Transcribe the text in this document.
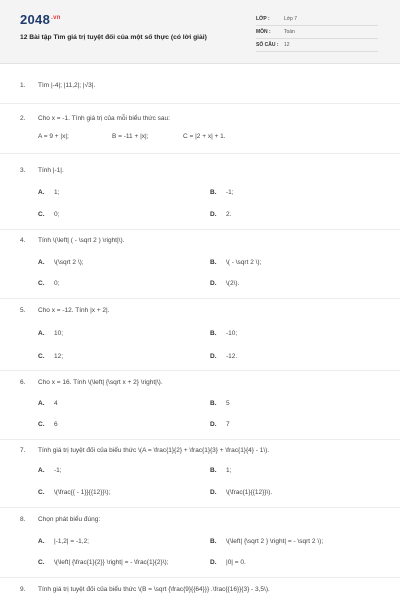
$2048^{.vn}$
12 Bài tập Tìm giá trị tuyệt đối của một số thực (có lời giải)
LỚP :	Lớp 7
MÔN :	Toán
SỐ CÂU : 12
1. Tìm |-4|; |11,2|; |√3|.
2. Cho x = -1. Tính giá trị của mỗi biểu thức sau:
A = 9 + |x|;	B = -11 + |x|;	C = |2 + x| + 1.
3. Tính |-1|.
A. 1;	B. -1;
C. 0;	D. 2.
4. Tính \(\left| ( - \sqrt 2 ) \right|\).
A. \(\sqrt 2 \);	B. \( - \sqrt 2 \);
C. 0;	D. \(2\).
5. Cho x = -12. Tính |x + 2|.
A. 10;	B. -10;
C. 12;	D. -12.
6. Cho x = 16. Tính \(\left| {\sqrt x + 2} \right|\).
A. 4	B. 5
C. 6	D. 7
7. Tính giá trị tuyệt đối của biểu thức \(A = \frac{1}{2} + \frac{1}{3} + \frac{1}{4} - 1\).
A. -1;	B. 1;
C. \(\frac{{ - 1}}{{12}}\);	D. \(\frac{1}{{12}}\).
8. Chọn phát biểu đúng:
A. |-1,2| = -1,2;	B. \(\left| {\sqrt 2 } \right| = - \sqrt 2 \);
C. \(\left| {\frac{1}{2}} \right| = - \frac{1}{2}\);	D. |0| = 0.
9. Tính giá trị tuyệt đối của biểu thức \(B = \sqrt {\frac{9}{{64}}} .\frac{{16}}{3} - 3,5\).
